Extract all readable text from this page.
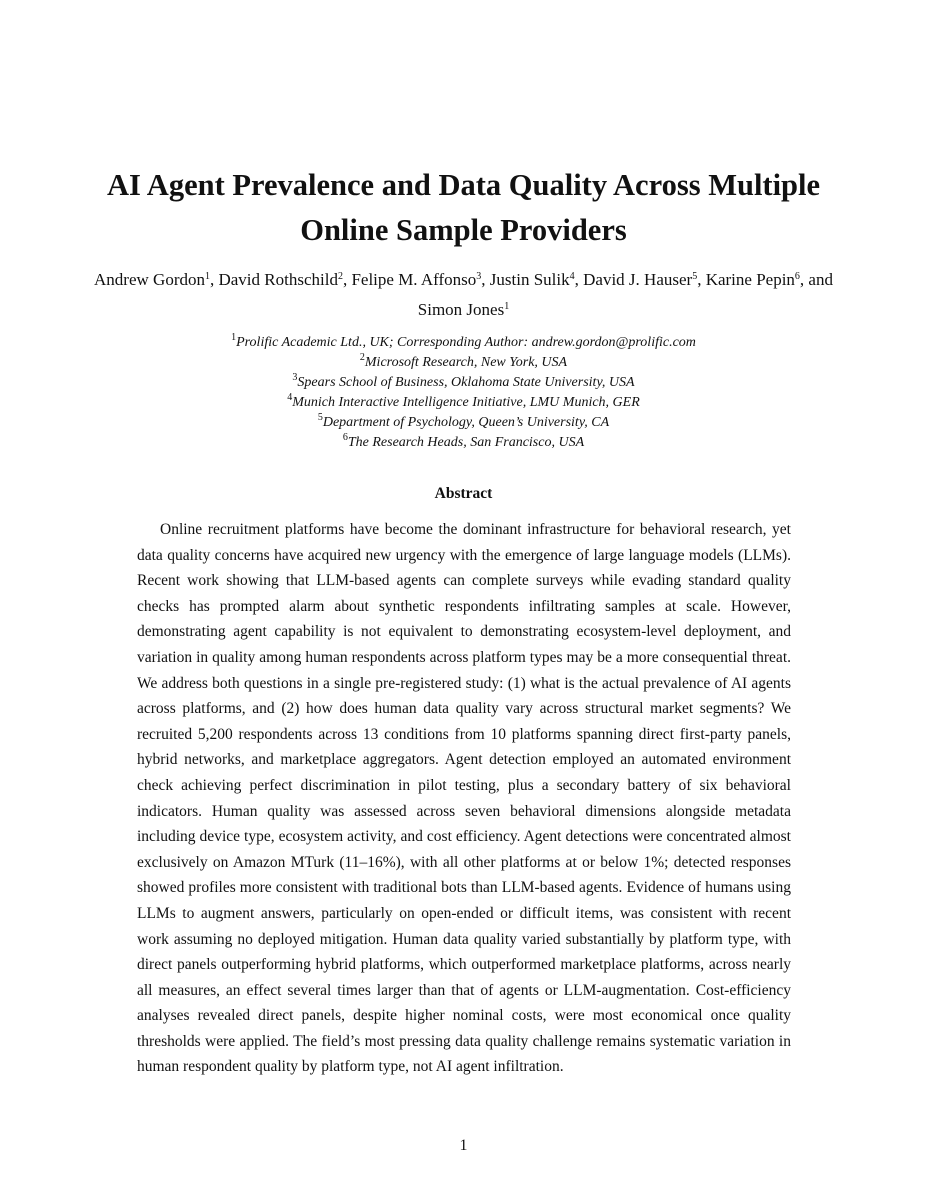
AI Agent Prevalence and Data Quality Across Multiple Online Sample Providers
Andrew Gordon$^1$, David Rothschild$^2$, Felipe M. Affonso$^3$, Justin Sulik$^4$, David J. Hauser$^5$, Karine Pepin$^6$, and Simon Jones$^1$
$^1$Prolific Academic Ltd., UK; Corresponding Author: andrew.gordon@prolific.com
$^2$Microsoft Research, New York, USA
$^3$Spears School of Business, Oklahoma State University, USA
$^4$Munich Interactive Intelligence Initiative, LMU Munich, GER
$^5$Department of Psychology, Queen’s University, CA
$^6$The Research Heads, San Francisco, USA
Abstract

Online recruitment platforms have become the dominant infrastructure for behavioral research, yet data quality concerns have acquired new urgency with the emergence of large language models (LLMs). Recent work showing that LLM-based agents can complete surveys while evading standard quality checks has prompted alarm about synthetic respondents infiltrating samples at scale. However, demonstrating agent capability is not equivalent to demonstrating ecosystem-level deployment, and variation in quality among human respondents across platform types may be a more consequential threat. We address both questions in a single pre-registered study: (1) what is the actual prevalence of AI agents across platforms, and (2) how does human data quality vary across structural market segments? We recruited 5,200 respondents across 13 conditions from 10 platforms spanning direct first-party panels, hybrid networks, and marketplace aggregators. Agent detection employed an automated environment check achieving perfect discrimination in pilot testing, plus a secondary battery of six behavioral indicators. Human quality was assessed across seven behavioral dimensions alongside metadata including device type, ecosystem activity, and cost efficiency. Agent detections were concentrated almost exclusively on Amazon MTurk (11–16%), with all other platforms at or below 1%; detected responses showed profiles more consistent with traditional bots than LLM-based agents. Evidence of humans using LLMs to augment answers, particularly on open-ended or difficult items, was consistent with recent work assuming no deployed mitigation. Human data quality varied substantially by platform type, with direct panels outperforming hybrid platforms, which outperformed marketplace platforms, across nearly all measures, an effect several times larger than that of agents or LLM-augmentation. Cost-efficiency analyses revealed direct panels, despite higher nominal costs, were most economical once quality thresholds were applied. The field’s most pressing data quality challenge remains systematic variation in human respondent quality by platform type, not AI agent infiltration.

1
